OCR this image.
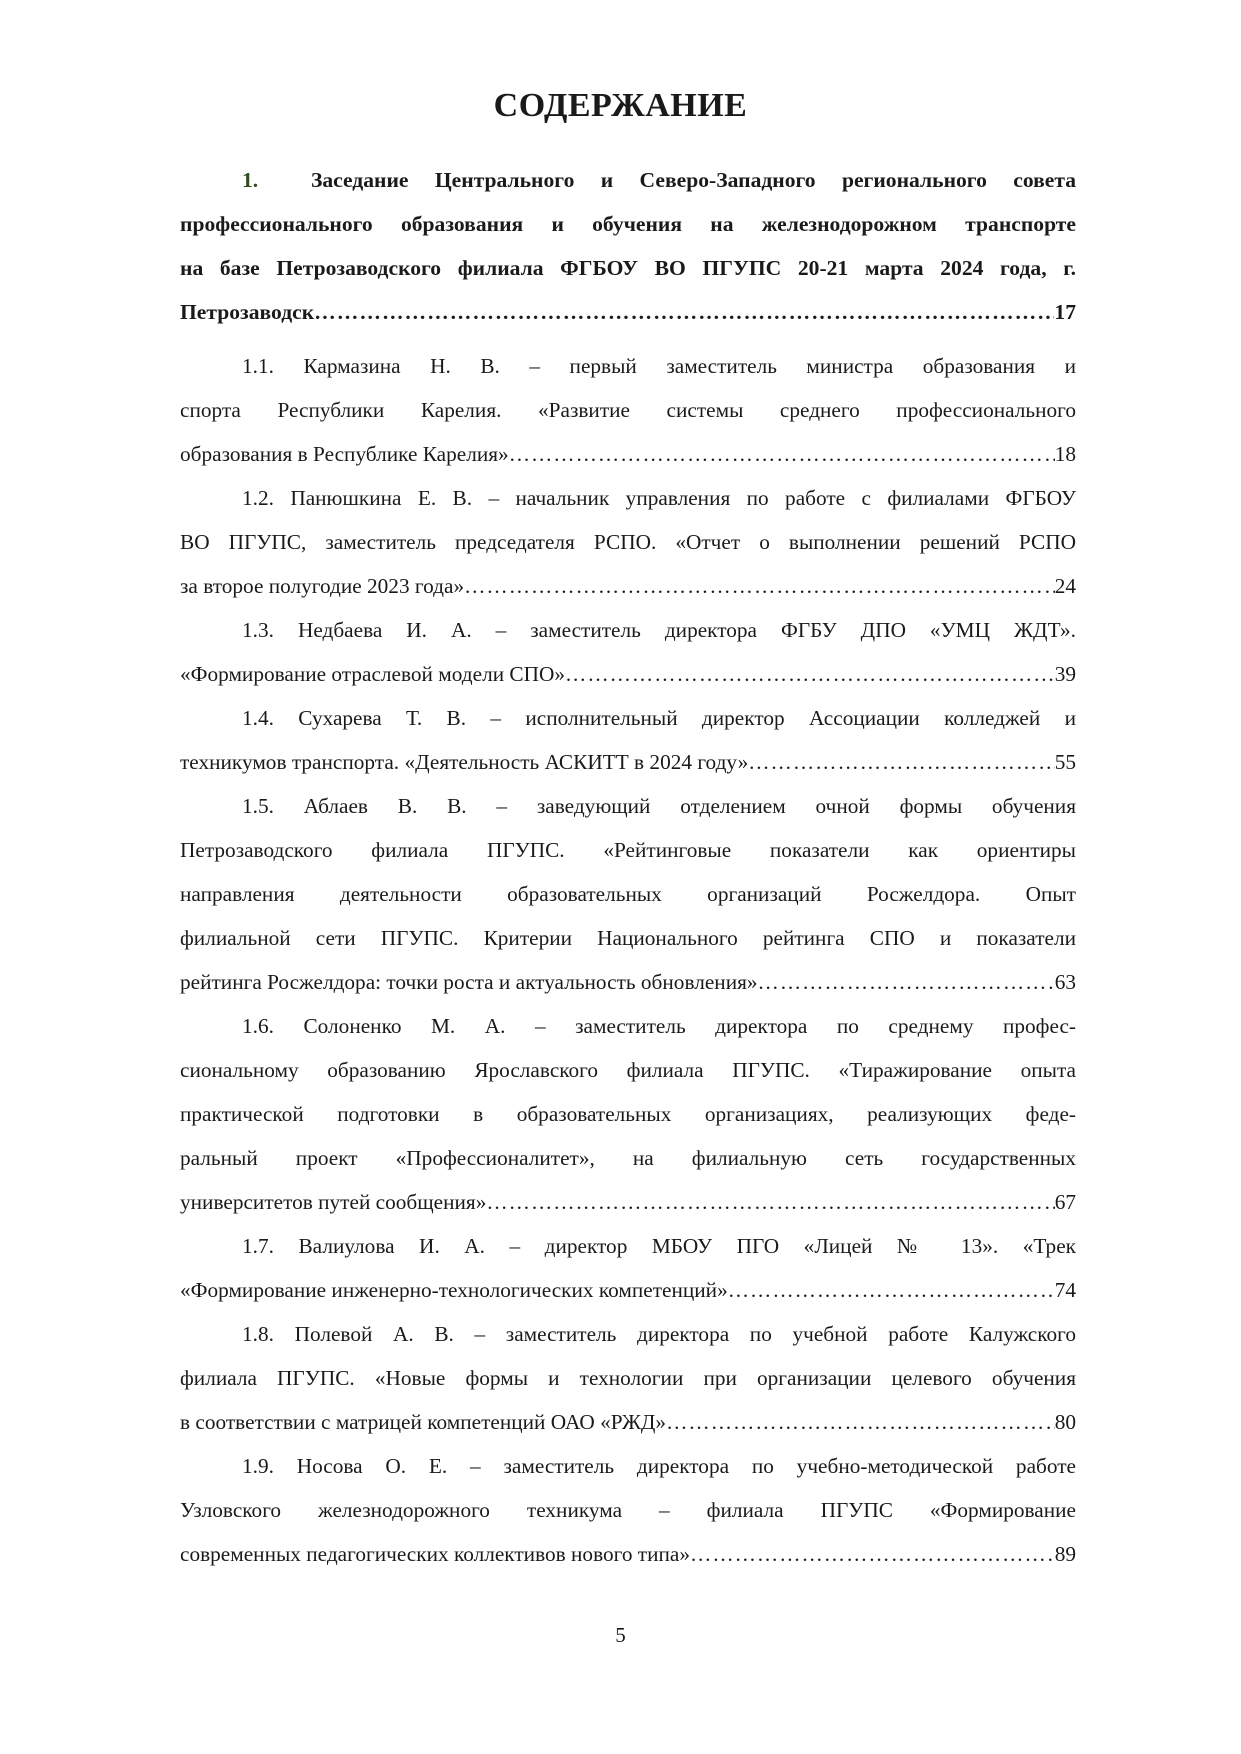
СОДЕРЖАНИЕ
1. Заседание Центрального и Северо-Западного регионального совета
профессионального образования и обучения на железнодорожном транспорте
на базе Петрозаводского филиала ФГБОУ ВО ПГУПС 20-21 марта 2024 года, г.
Петрозаводск …………………………………………………………………………………………………………………………………………………………………………	17
1.1. Кармазина Н. В. – первый заместитель министра образования и
спорта Республики Карелия. «Развитие системы среднего профессионального
образования в Республике Карелия» …………………………………………………………………………………………………………………………………………………………………………	18
1.2. Панюшкина Е. В. – начальник управления по работе с филиалами ФГБОУ
ВО ПГУПС, заместитель председателя РСПО. «Отчет о выполнении решений РСПО
за второе полугодие 2023 года» …………………………………………………………………………………………………………………………………………………………………………	24
1.3. Недбаева И. А. – заместитель директора ФГБУ ДПО «УМЦ ЖДТ».
«Формирование отраслевой модели СПО» …………………………………………………………………………………………………………………………………………………………………………	39
1.4. Сухарева Т. В. – исполнительный директор Ассоциации колледжей и
техникумов транспорта. «Деятельность АСКИТТ в 2024 году» …………………………………………………………………………………………………………………………………………………………………………	55
1.5. Аблаев В. В. – заведующий отделением очной формы обучения
Петрозаводского филиала ПГУПС. «Рейтинговые показатели как ориентиры
направления деятельности образовательных организаций Росжелдора. Опыт
филиальной сети ПГУПС. Критерии Национального рейтинга СПО и показатели
рейтинга Росжелдора: точки роста и актуальность обновления» …………………………………………………………………………………………………………………………………………………………………………	63
1.6. Солоненко М. А. – заместитель директора по среднему профес-
сиональному образованию Ярославского филиала ПГУПС. «Тиражирование опыта
практической подготовки в образовательных организациях, реализующих феде-
ральный проект «Профессионалитет», на филиальную сеть государственных
университетов путей сообщения» …………………………………………………………………………………………………………………………………………………………………………	67
1.7. Валиулова И. А. – директор МБОУ ПГО «Лицей № 13». «Трек
«Формирование инженерно-технологических компетенций» …………………………………………………………………………………………………………………………………………………………………………	74
1.8. Полевой А. В. – заместитель директора по учебной работе Калужского
филиала ПГУПС. «Новые формы и технологии при организации целевого обучения
в соответствии с матрицей компетенций ОАО «РЖД» …………………………………………………………………………………………………………………………………………………………………………	80
1.9. Носова О. Е. – заместитель директора по учебно-методической работе
Узловского железнодорожного техникума – филиала ПГУПС «Формирование
современных педагогических коллективов нового типа» …………………………………………………………………………………………………………………………………………………………………………	89
5
